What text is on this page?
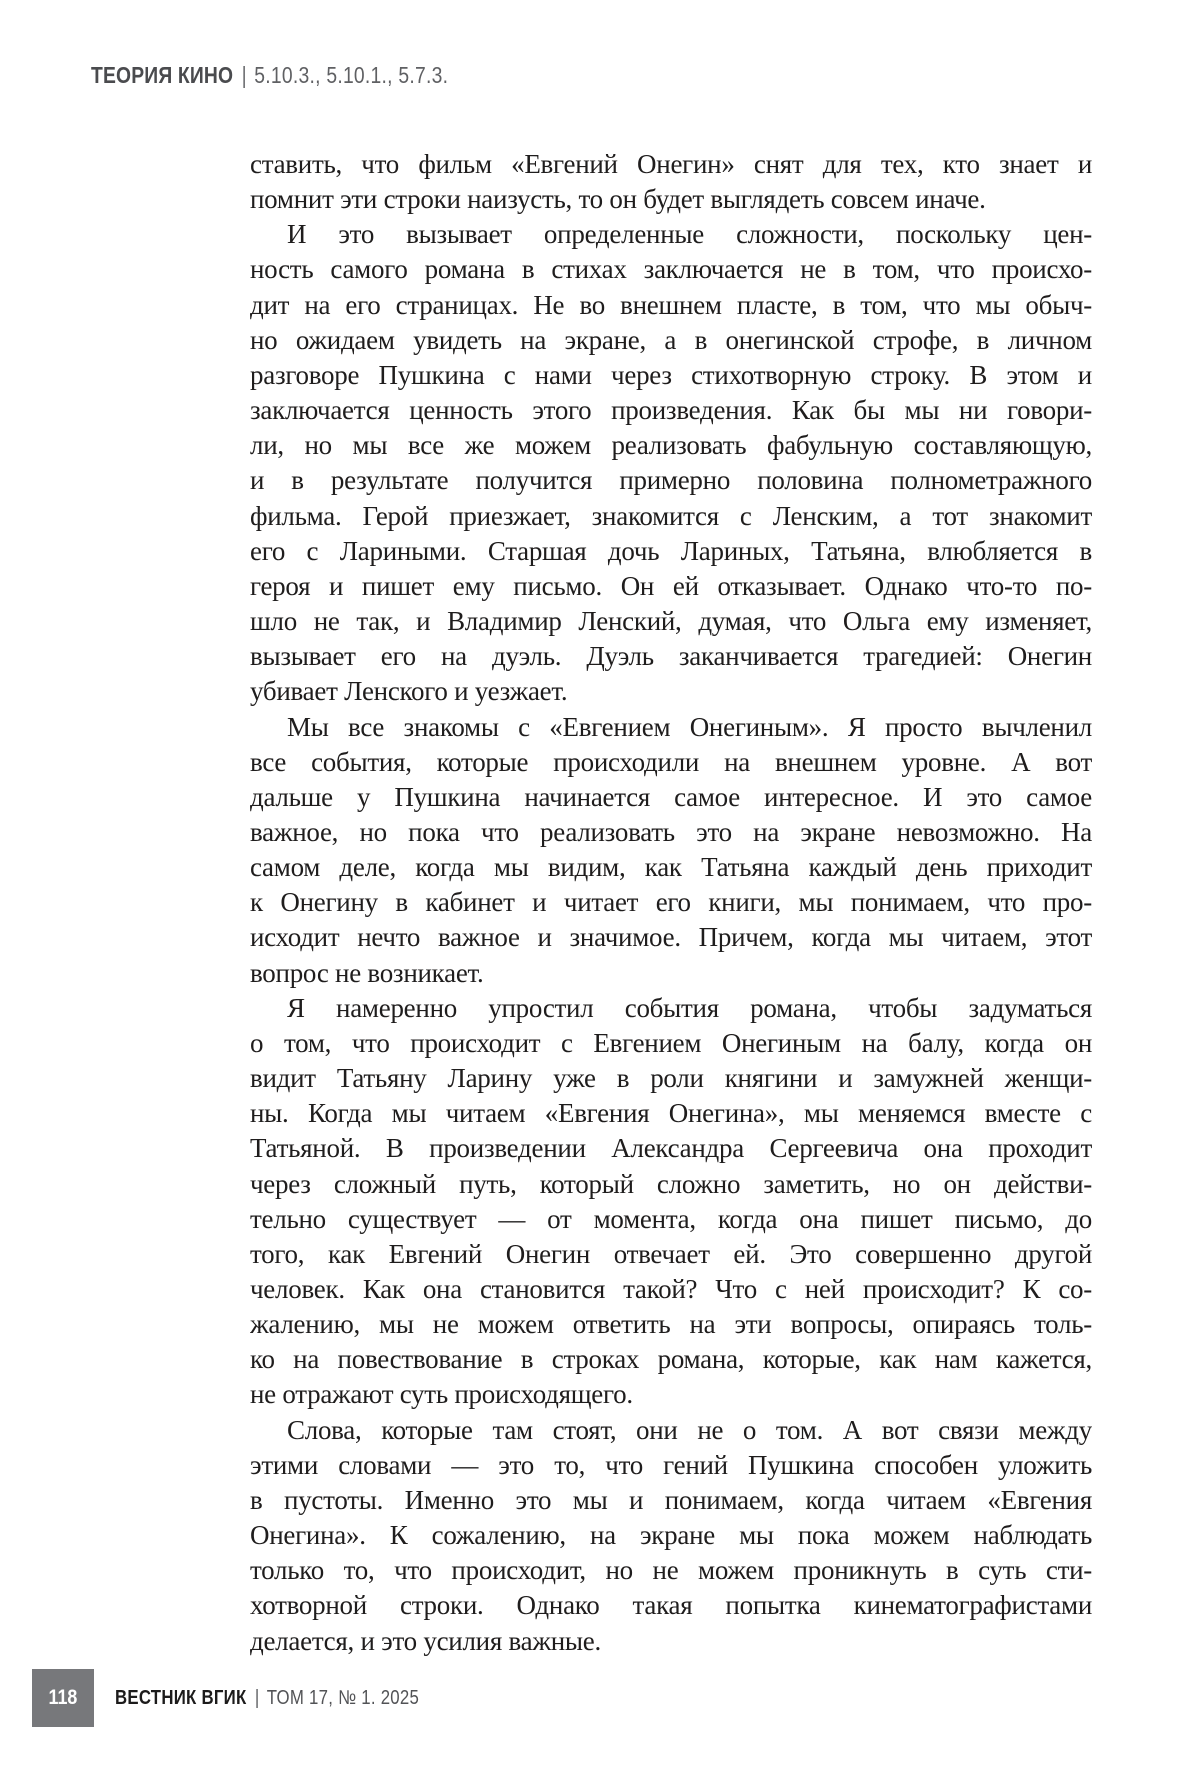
ТЕОРИЯ КИНО | 5.10.3., 5.10.1., 5.7.3.
ставить, что фильм «Евгений Онегин» снят для тех, кто знает и
помнит эти строки наизусть, то он будет выглядеть совсем иначе.
И это вызывает определенные сложности, поскольку цен-
ность самого романа в стихах заключается не в том, что происхо-
дит на его страницах. Не во внешнем пласте, в том, что мы обыч-
но ожидаем увидеть на экране, а в онегинской строфе, в личном
разговоре Пушкина с нами через стихотворную строку. В этом и
заключается ценность этого произведения. Как бы мы ни говори-
ли, но мы все же можем реализовать фабульную составляющую,
и в результате получится примерно половина полнометражного
фильма. Герой приезжает, знакомится с Ленским, а тот знакомит
его с Лариными. Старшая дочь Лариных, Татьяна, влюбляется в
героя и пишет ему письмо. Он ей отказывает. Однако что-то по-
шло не так, и Владимир Ленский, думая, что Ольга ему изменяет,
вызывает его на дуэль. Дуэль заканчивается трагедией: Онегин
убивает Ленского и уезжает.
Мы все знакомы с «Евгением Онегиным». Я просто вычленил
все события, которые происходили на внешнем уровне. А вот
дальше у Пушкина начинается самое интересное. И это самое
важное, но пока что реализовать это на экране невозможно. На
самом деле, когда мы видим, как Татьяна каждый день приходит
к Онегину в кабинет и читает его книги, мы понимаем, что про-
исходит нечто важное и значимое. Причем, когда мы читаем, этот
вопрос не возникает.
Я намеренно упростил события романа, чтобы задуматься
о том, что происходит с Евгением Онегиным на балу, когда он
видит Татьяну Ларину уже в роли княгини и замужней женщи-
ны. Когда мы читаем «Евгения Онегина», мы меняемся вместе с
Татьяной. В произведении Александра Сергеевича она проходит
через сложный путь, который сложно заметить, но он действи-
тельно существует — от момента, когда она пишет письмо, до
того, как Евгений Онегин отвечает ей. Это совершенно другой
человек. Как она становится такой? Что с ней происходит? К со-
жалению, мы не можем ответить на эти вопросы, опираясь толь-
ко на повествование в строках романа, которые, как нам кажется,
не отражают суть происходящего.
Слова, которые там стоят, они не о том. А вот связи между
этими словами — это то, что гений Пушкина способен уложить
в пустоты. Именно это мы и понимаем, когда читаем «Евгения
Онегина». К сожалению, на экране мы пока можем наблюдать
только то, что происходит, но не можем проникнуть в суть сти-
хотворной строки. Однако такая попытка кинематографистами
делается, и это усилия важные.
118 ВЕСТНИК ВГИК | ТОМ 17, № 1. 2025
